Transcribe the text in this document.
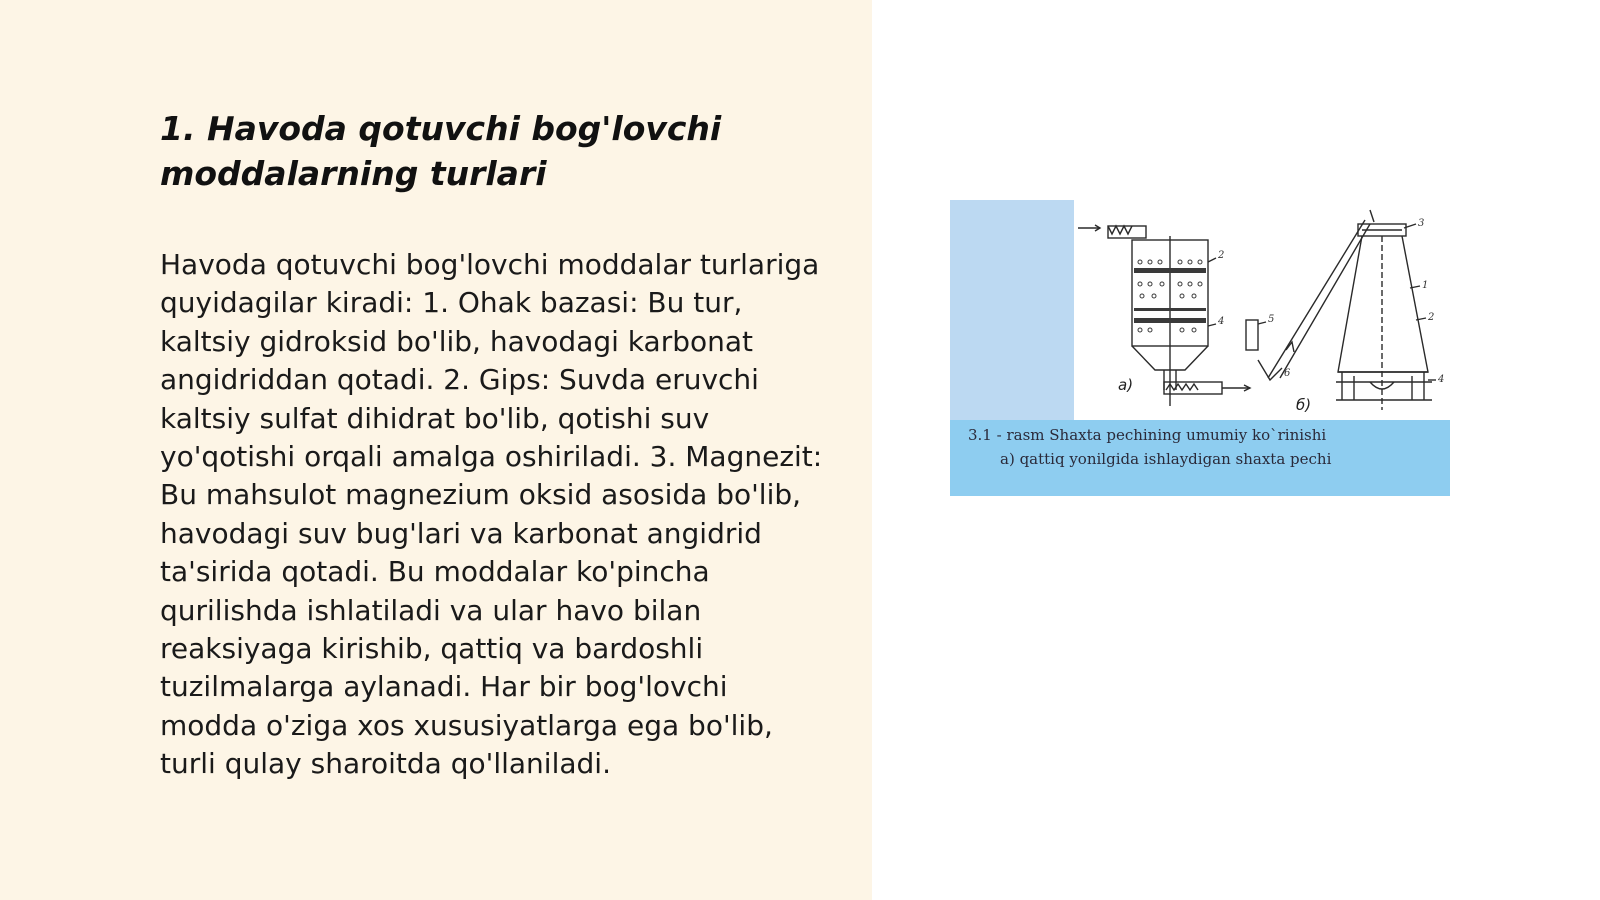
1. Havoda qotuvchi bog'lovchi moddalarning turlari

Havoda qotuvchi bog'lovchi moddalar turlariga quyidagilar kiradi: 1. Ohak bazasi: Bu tur, kaltsiy gidroksid bo'lib, havodagi karbonat angidriddan qotadi. 2. Gips: Suvda eruvchi kaltsiy sulfat dihidrat bo'lib, qotishi suv yo'qotishi orqali amalga oshiriladi. 3. Magnezit: Bu mahsulot magnezium oksid asosida bo'lib, havodagi suv bug'lari va karbonat angidrid ta'sirida qotadi. Bu moddalar ko'pincha qurilishda ishlatiladi va ular havo bilan reaksiyaga kirishib, qattiq va bardoshli tuzilmalarga aylanadi. Har bir bog'lovchi modda o'ziga xos xususiyatlarga ega bo'lib, turli qulay sharoitda qo'llaniladi.

a)
б)
2
4	5
6
3
1
2
4
3.1 - rasm Shaxta pechining umumiy ko`rinishi
a) qattiq yonilgida ishlaydigan shaxta pechi
